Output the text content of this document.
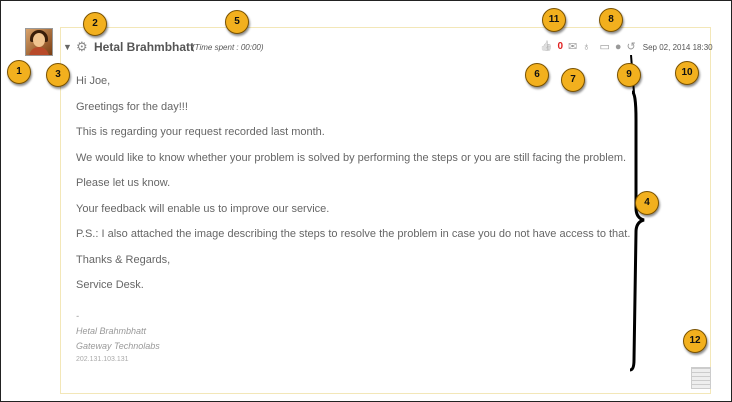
▼ ⚙ Hetal Brahmbhatt
(Time spent : 00:00)	👍 0 ✉ ♁ ▭ ● ↺ Sep 02, 2014 18:30

Hi Joe,

Greetings for the day!!!

This is regarding your request recorded last month.

We would like to know whether your problem is solved by performing the steps or you are still facing the problem.

Please let us know.

Your feedback will enable us to improve our service.

P.S.: I also attached the image describing the steps to resolve the problem in case you do not have access to that.

Thanks & Regards,

Service Desk.

-
Hetal Brahmbhatt
Gateway Technolabs
202.131.103.131
1
2
3
4
5
6	7
8
9	10
11
12
